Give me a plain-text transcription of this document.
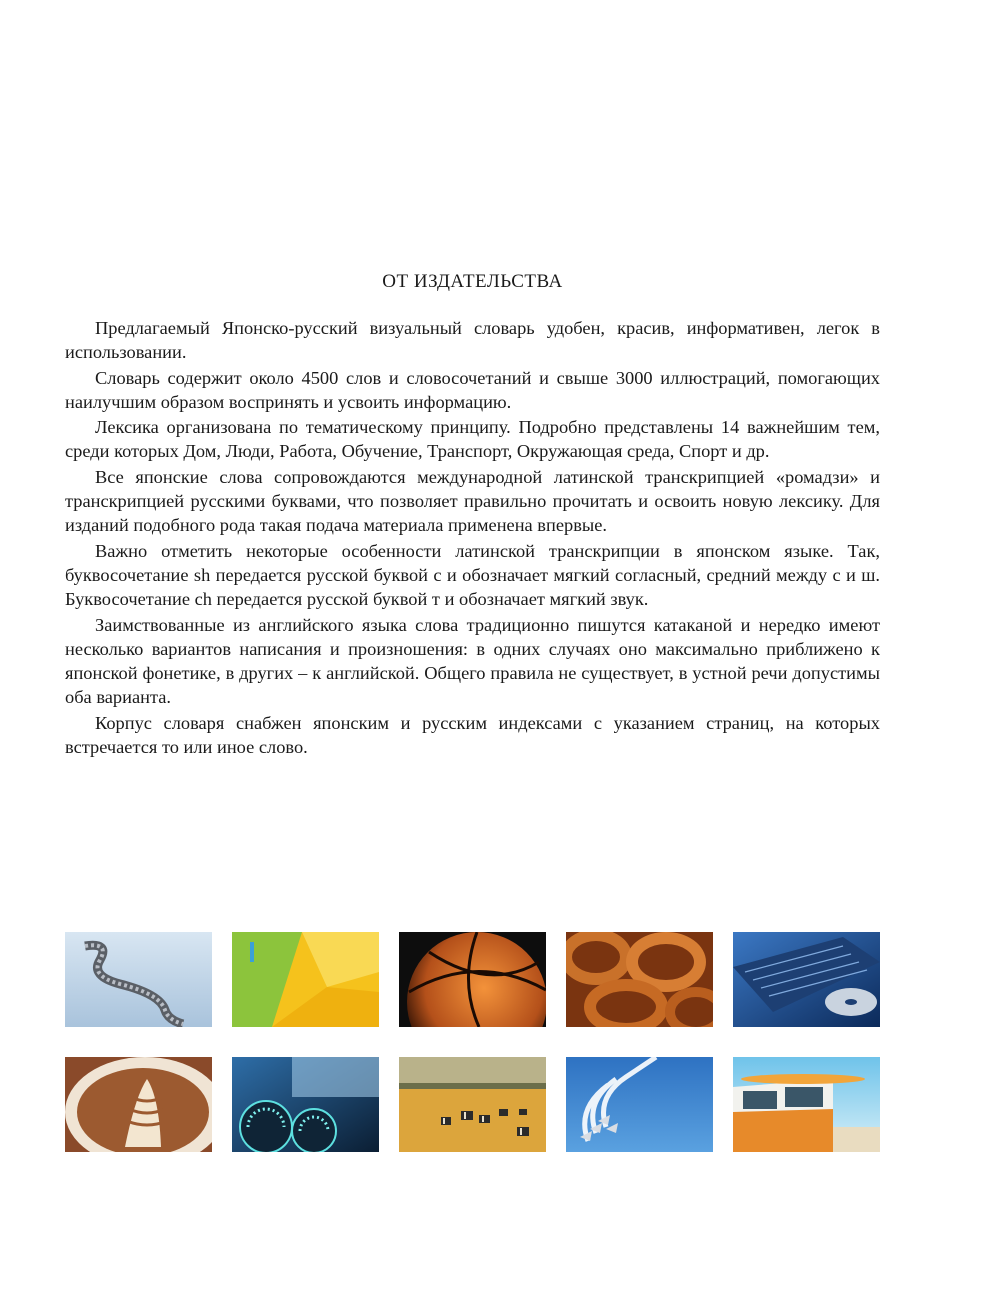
ОТ ИЗДАТЕЛЬСТВА

Предлагаемый Японско-русский визуальный словарь удобен, красив, информативен, легок в использовании.

Словарь содержит около 4500 слов и словосочетаний и свыше 3000 иллюстраций, помогающих наилучшим образом воспринять и усвоить информацию.

Лексика организована по тематическому принципу. Подробно представлены 14 важнейшим тем, среди которых Дом, Люди, Работа, Обучение, Транспорт, Окружающая среда, Спорт и др.

Все японские слова сопровождаются международной латинской транскрипцией «ромадзи» и транскрипцией русскими буквами, что позволяет правильно прочитать и освоить новую лексику. Для изданий подобного рода такая подача материала применена впервые.

Важно отметить некоторые особенности латинской транскрипции в японском языке. Так, буквосочетание sh передается русской буквой с и обозначает мягкий согласный, средний между с и ш. Буквосочетание ch передается русской буквой т и обозначает мягкий звук.

Заимствованные из английского языка слова традиционно пишутся катаканой и нередко имеют несколько вариантов написания и произношения: в одних случаях оно максимально приближено к японской фонетике, в других – к английской. Общего правила не существует, в устной речи допустимы оба варианта.

Корпус словаря снабжен японским и русским индексами с указанием страниц, на которых встречается то или иное слово.
